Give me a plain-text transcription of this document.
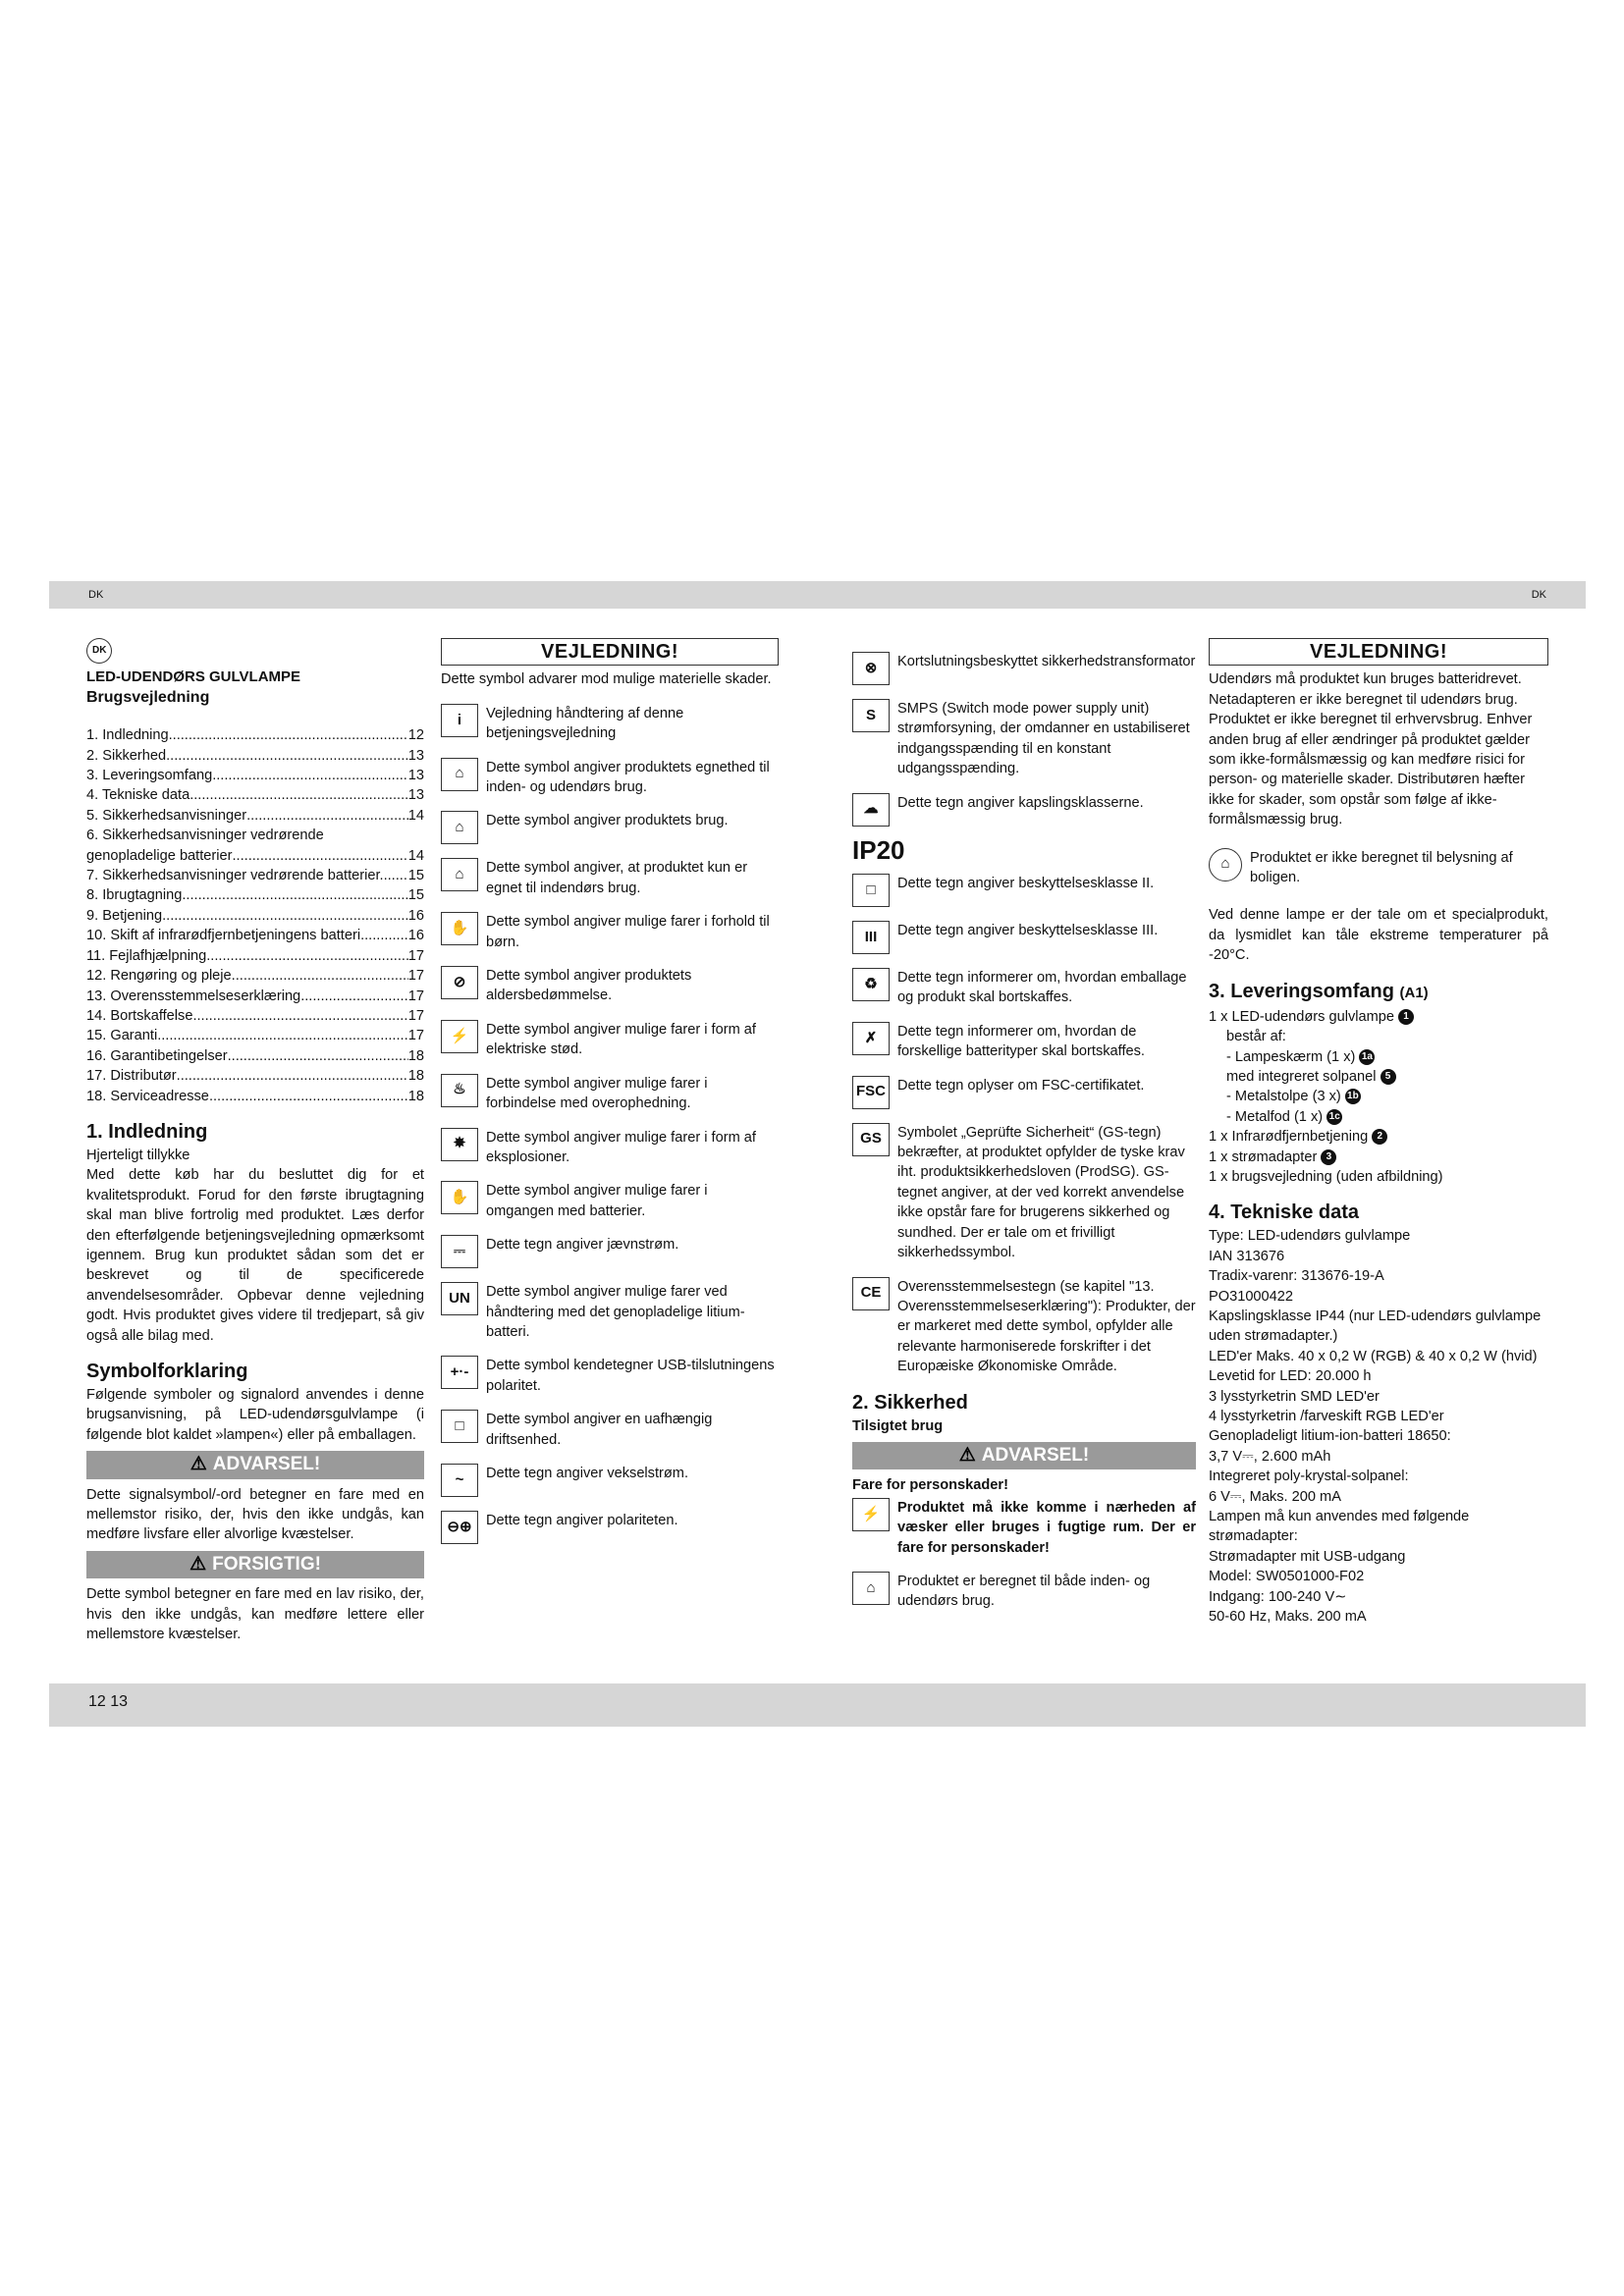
DK	DK
DK

LED-UDENDØRS GULVLAMPE

Brugsvejledning

1. Indledning .....	12
2. Sikkerhed .....	13
3. Leveringsomfang .....	13
4. Tekniske data .....	13
5. Sikkerhedsanvisninger .....	14
6. Sikkerhedsanvisninger vedrørende
genopladelige batterier .....	14
7. Sikkerhedsanvisninger vedrørende batterier. ..... 15
8. Ibrugtagning .....	15
9. Betjening .....	16
10. Skift af infrarødfjernbetjeningens batteri .....	16
11. Fejlafhjælpning .....	17
12. Rengøring og pleje .....	17
13. Overensstemmelseserklæring .....	17
14. Bortskaffelse .....	17
15. Garanti .....	17
16. Garantibetingelser .....	18
17. Distributør .....	18
18. Serviceadresse .....	18
1. Indledning

Hjerteligt tillykke

Med dette køb har du besluttet dig for et kvalitetsprodukt. Forud for den første ibrugtagning skal man blive fortrolig med produktet. Læs derfor den efterfølgende betjeningsvejledning opmærksomt igennem. Brug kun produktet sådan som det er beskrevet og til de specificerede anvendelsesområder. Opbevar denne vejledning godt. Hvis produktet gives videre til tredjepart, så giv også alle bilag med.

Symbolforklaring

Følgende symboler og signalord anvendes i denne brugsanvisning, på LED-udendørsgulvlampe (i følgende blot kaldet »lampen«) eller på emballagen.

⚠ ADVARSEL!

Dette signalsymbol/-ord betegner en fare med en mellemstor risiko, der, hvis den ikke undgås, kan medføre livsfare eller alvorlige kvæstelser.

⚠ FORSIGTIG!

Dette symbol betegner en fare med en lav risiko, der, hvis den ikke undgås, kan medføre lettere eller mellemstore kvæstelser.

VEJLEDNING!

Dette symbol advarer mod mulige materielle skader.

i Vejledning håndtering af denne betjeningsvejledning

⌂ Dette symbol angiver produktets egnethed til inden- og udendørs brug.

⌂ Dette symbol angiver produktets brug.

⌂ Dette symbol angiver, at produktet kun er egnet til indendørs brug.

✋ Dette symbol angiver mulige farer i forhold til børn.

⊘ Dette symbol angiver produktets aldersbedømmelse.

⚡ Dette symbol angiver mulige farer i form af elektriske stød.

♨ Dette symbol angiver mulige farer i forbindelse med overophedning.

✸ Dette symbol angiver mulige farer i form af eksplosioner.

✋ Dette symbol angiver mulige farer i omgangen med batterier.

⎓ Dette tegn angiver jævnstrøm.

UN Dette symbol angiver mulige farer ved håndtering med det genopladelige litium-batteri.

+·- Dette symbol kendetegner USB-tilslutningens polaritet.

□ Dette symbol angiver en uafhængig driftsenhed.

~ Dette tegn angiver vekselstrøm.

⊖⊕ Dette tegn angiver polariteten.

⊗ Kortslutningsbeskyttet sikkerhedstransformator

S SMPS (Switch mode power supply unit) strømforsyning, der omdanner en ustabiliseret indgangsspænding til en konstant udgangsspænding.

☁ Dette tegn angiver kapslingsklasserne.

IP20
□ Dette tegn angiver beskyttelsesklasse II.

III Dette tegn angiver beskyttelsesklasse III.

♻ Dette tegn informerer om, hvordan emballage og produkt skal bortskaffes.

✗ Dette tegn informerer om, hvordan de forskellige batterityper skal bortskaffes.

FSC Dette tegn oplyser om FSC-certifikatet.

GS Symbolet „Geprüfte Sicherheit“ (GS-tegn) bekræfter, at produktet opfylder de tyske krav iht. produktsikkerhedsloven (ProdSG). GS-tegnet angiver, at der ved korrekt anvendelse ikke opstår fare for brugerens sikkerhed og sundhed. Der er tale om et frivilligt sikkerhedssymbol.

CE Overensstemmelsestegn (se kapitel "13. Overensstemmelseserklæring"): Produkter, der er markeret med dette symbol, opfylder alle relevante harmoniserede forskrifter i det Europæiske Økonomiske Område.

2. Sikkerhed

Tilsigtet brug

⚠ ADVARSEL!

Fare for personskader!

⚡	Produktet må ikke komme i nærheden af væsker eller bruges i fugtige rum. Der er fare for personskader!

⌂	Produktet er beregnet til både inden- og udendørs brug.

VEJLEDNING!

Udendørs må produktet kun bruges batteridrevet. Netadapteren er ikke beregnet til udendørs brug. Produktet er ikke beregnet til erhvervsbrug. Enhver anden brug af eller ændringer på produktet gælder som ikke-formålsmæssig og kan medføre risici for person- og materielle skader. Distributøren hæfter ikke for skader, som opstår som følge af ikke-formålsmæssig brug.

⌂	Produktet er ikke beregnet til belysning af boligen.

Ved denne lampe er der tale om et specialprodukt, da lysmidlet kan tåle ekstreme temperaturer på -20°C.

3. Leveringsomfang (A1)

1 x LED-udendørs gulvlampe 1

består af:

- Lampeskærm (1 x) 1a

med integreret solpanel 5

- Metalstolpe (3 x) 1b

- Metalfod (1 x) 1c

1 x Infrarødfjernbetjening 2

1 x strømadapter 3

1 x brugsvejledning (uden afbildning)

4. Tekniske data

Type: LED-udendørs gulvlampe

IAN 313676

Tradix-varenr: 313676-19-A

PO31000422

Kapslingsklasse IP44 (nur LED-udendørs gulvlampe uden strømadapter.)

LED'er Maks. 40 x 0,2 W (RGB) & 40 x 0,2 W (hvid)

Levetid for LED: 20.000 h

3 lysstyrketrin SMD LED'er

4 lysstyrketrin /farveskift RGB LED'er

Genopladeligt litium-ion-batteri 18650:

3,7 V⎓, 2.600 mAh

Integreret poly-krystal-solpanel:

6 V⎓, Maks. 200 mA

Lampen må kun anvendes med følgende strømadapter:

Strømadapter mit USB-udgang

Model: SW0501000-F02

Indgang: 100-240 V∼

50-60 Hz, Maks. 200 mA

12 13
